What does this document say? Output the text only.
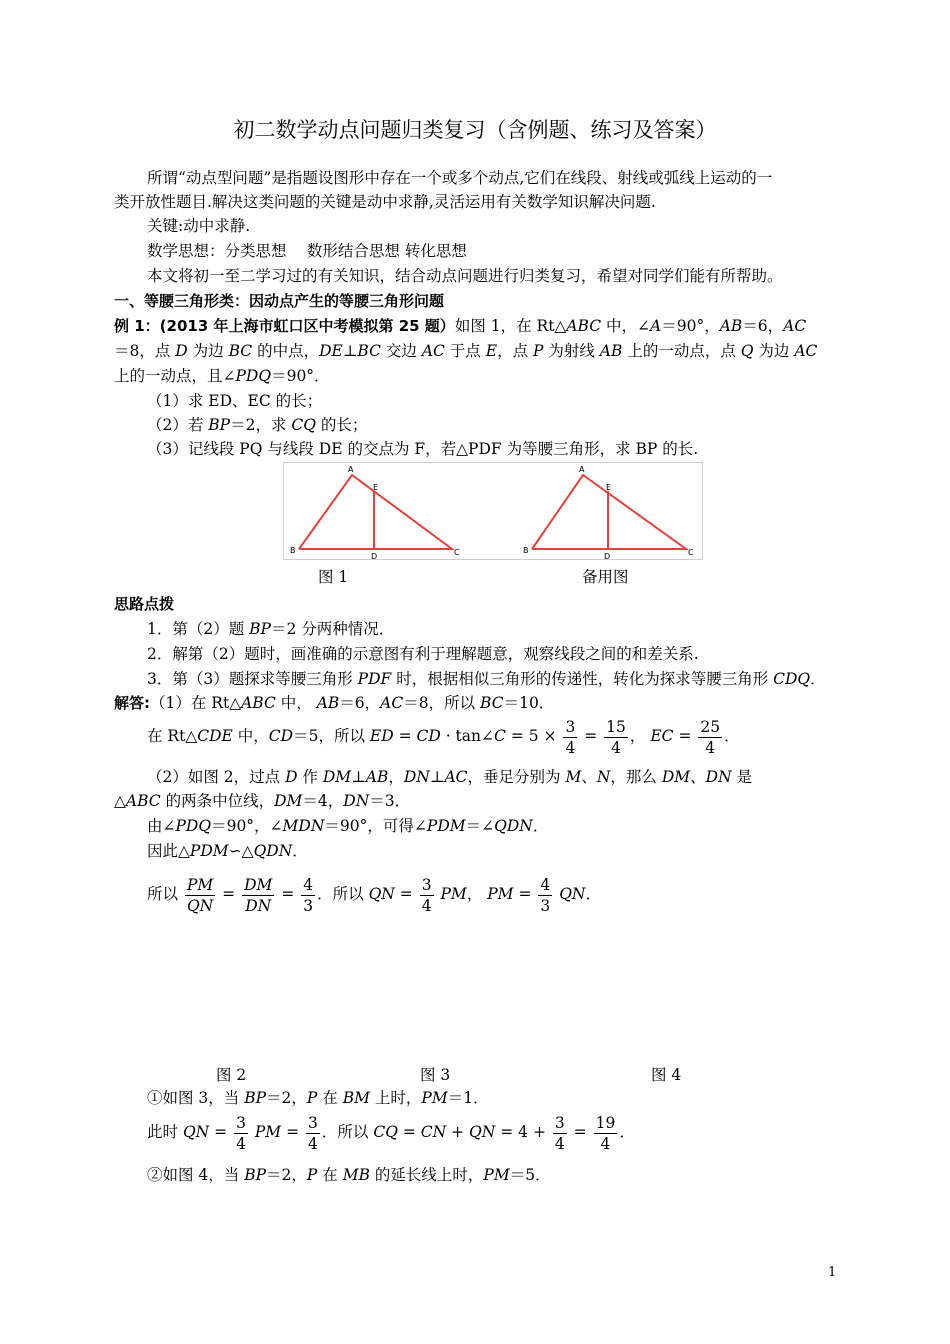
初二数学动点问题归类复习（含例题、练习及答案）
所谓“动点型问题”是指题设图形中存在一个或多个动点,它们在线段、射线或弧线上运动的一
类开放性题目.解决这类问题的关键是动中求静,灵活运用有关数学知识解决问题.
关键:动中求静.
数学思想：分类思想　 数形结合思想 转化思想
本文将初一至二学习过的有关知识，结合动点问题进行归类复习，希望对同学们能有所帮助。
一、等腰三角形类：因动点产生的等腰三角形问题
例 1：(2013 年上海市虹口区中考模拟第 25 题）如图 1，在 Rt△ABC 中，∠A＝90°，AB＝6，AC
＝8，点 D 为边 BC 的中点，DE⊥BC 交边 AC 于点 E，点 P 为射线 AB 上的一动点，点 Q 为边 AC
上的一动点，且∠PDQ＝90°．
（1）求 ED、EC 的长；
（2）若 BP＝2，求 CQ 的长；
（3）记线段 PQ 与线段 DE 的交点为 F，若△PDF 为等腰三角形，求 BP 的长.
A
E
B
D	C
A
E
B
D	C
图 1	备用图
思路点拨
1．第（2）题 BP＝2 分两种情况．
2．解第（2）题时，画准确的示意图有利于理解题意，观察线段之间的和差关系.
3．第（3）题探求等腰三角形 PDF 时，根据相似三角形的传递性，转化为探求等腰三角形 CDQ．
解答:（1）在 Rt△ABC 中， AB＝6，AC＝8，所以 BC＝10．
在 Rt△CDE 中，CD＝5，所以 ED = CD · tan∠C = $5 \times \frac{3}{4} = \frac{15}{4}$ ， EC = $\frac{25}{4}$ ．
（2）如图 2，过点 D 作 DM⊥AB，DN⊥AC，垂足分别为 M、N，那么 DM、DN 是
△ABC 的两条中位线，DM＝4，DN＝3．
由∠PDQ＝90°，∠MDN＝90°，可得∠PDM＝∠QDN．
因此△PDM∽△QDN．
所以 $\frac{PM}{QN} = \frac{DM}{DN} = \frac{4}{3}$ ．所以 QN = $\frac{3}{4}$ PM， PM = $\frac{4}{3}$ QN．
图 2	图 3	图 4
①如图 3，当 BP＝2，P 在 BM 上时，PM＝1．
此时 QN = $\frac{3}{4}$ PM = $\frac{3}{4}$ ．所以 CQ = CN + QN = $4 + \frac{3}{4} = \frac{19}{4}$ ．
②如图 4，当 BP＝2，P 在 MB 的延长线上时，PM＝5．
1
